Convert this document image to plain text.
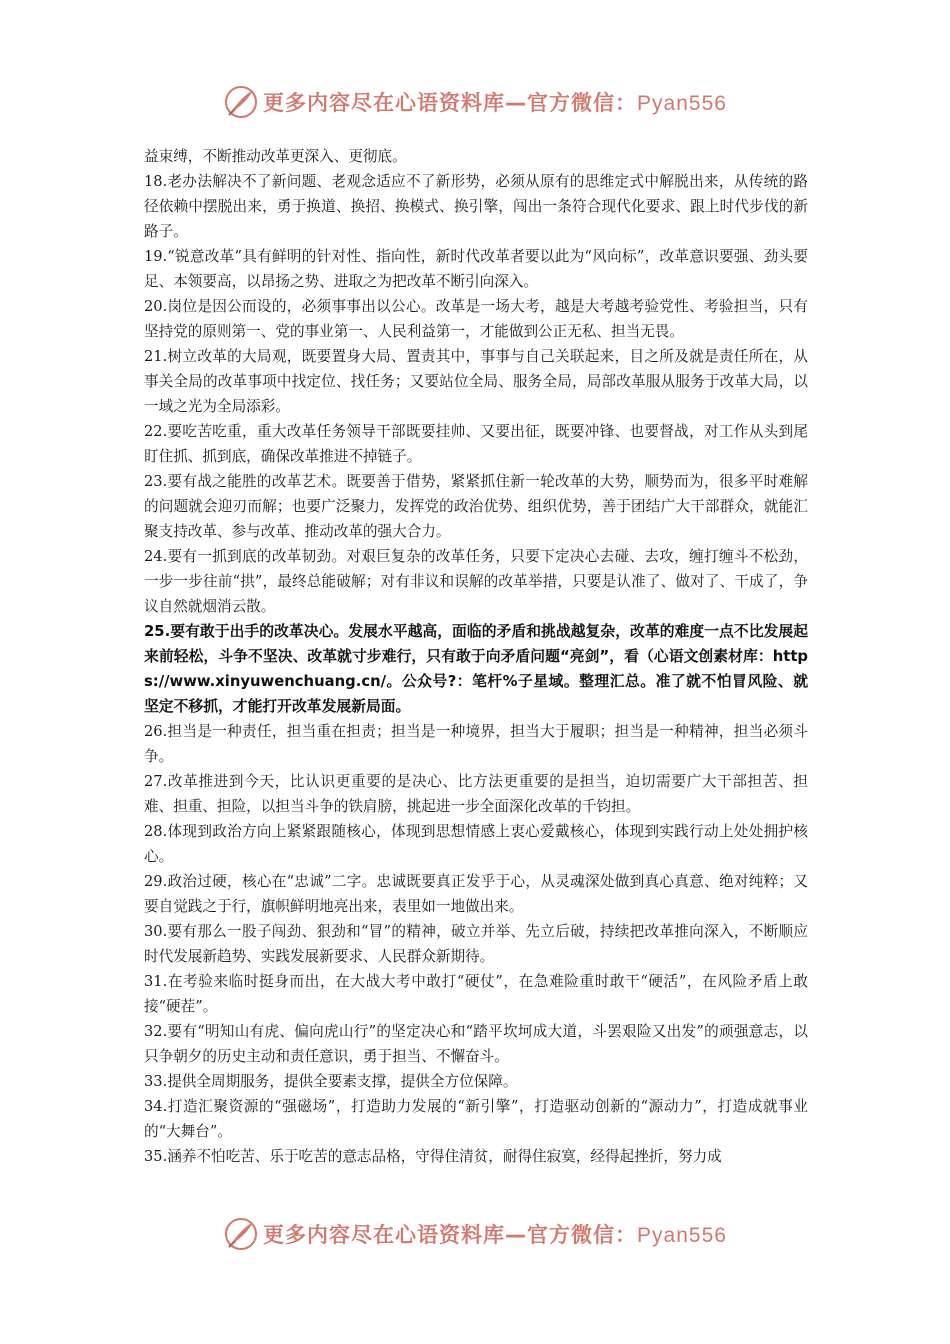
更多内容尽在心语资料库—官方微信：Pyan556

益束缚，不断推动改革更深入、更彻底。

18.老办法解决不了新问题、老观念适应不了新形势，必须从原有的思维定式中解脱出来，从传统的路径依赖中摆脱出来，勇于换道、换招、换模式、换引擎，闯出一条符合现代化要求、跟上时代步伐的新路子。

19.“锐意改革”具有鲜明的针对性、指向性，新时代改革者要以此为“风向标”，改革意识要强、劲头要足、本领要高，以昂扬之势、进取之为把改革不断引向深入。

20.岗位是因公而设的，必须事事出以公心。改革是一场大考，越是大考越考验党性、考验担当，只有坚持党的原则第一、党的事业第一、人民利益第一，才能做到公正无私、担当无畏。

21.树立改革的大局观，既要置身大局、置责其中，事事与自己关联起来，目之所及就是责任所在，从事关全局的改革事项中找定位、找任务；又要站位全局、服务全局，局部改革服从服务于改革大局，以一域之光为全局添彩。

22.要吃苦吃重，重大改革任务领导干部既要挂帅、又要出征，既要冲锋、也要督战，对工作从头到尾盯住抓、抓到底，确保改革推进不掉链子。

23.要有战之能胜的改革艺术。既要善于借势，紧紧抓住新一轮改革的大势，顺势而为，很多平时难解的问题就会迎刃而解；也要广泛聚力，发挥党的政治优势、组织优势，善于团结广大干部群众，就能汇聚支持改革、参与改革、推动改革的强大合力。

24.要有一抓到底的改革韧劲。对艰巨复杂的改革任务，只要下定决心去碰、去攻，缠打缠斗不松劲，一步一步往前“拱”，最终总能破解；对有非议和误解的改革举措，只要是认准了、做对了、干成了，争议自然就烟消云散。

25.要有敢于出手的改革决心。发展水平越高，面临的矛盾和挑战越复杂，改革的难度一点不比发展起来前轻松，斗争不坚决、改革就寸步难行，只有敢于向矛盾问题“亮剑”，看（心语文创素材库：https://www.xinyuwenchuang.cn/。公众号?：笔杆%子星域。整理汇总。准了就不怕冒风险、就坚定不移抓，才能打开改革发展新局面。

26.担当是一种责任，担当重在担责；担当是一种境界，担当大于履职；担当是一种精神，担当必须斗争。

27.改革推进到今天，比认识更重要的是决心、比方法更重要的是担当，迫切需要广大干部担苦、担难、担重、担险，以担当斗争的铁肩膀，挑起进一步全面深化改革的千钧担。

28.体现到政治方向上紧紧跟随核心，体现到思想情感上衷心爱戴核心，体现到实践行动上处处拥护核心。

29.政治过硬，核心在“忠诚”二字。忠诚既要真正发乎于心，从灵魂深处做到真心真意、绝对纯粹；又要自觉践之于行，旗帜鲜明地亮出来，表里如一地做出来。

30.要有那么一股子闯劲、狠劲和“冒”的精神，破立并举、先立后破，持续把改革推向深入，不断顺应时代发展新趋势、实践发展新要求、人民群众新期待。

31.在考验来临时挺身而出，在大战大考中敢打“硬仗”，在急难险重时敢干“硬活”，在风险矛盾上敢接“硬茬”。

32.要有“明知山有虎、偏向虎山行”的坚定决心和“踏平坎坷成大道，斗罢艰险又出发”的顽强意志，以只争朝夕的历史主动和责任意识，勇于担当、不懈奋斗。

33.提供全周期服务，提供全要素支撑，提供全方位保障。

34.打造汇聚资源的“强磁场”，打造助力发展的“新引擎”，打造驱动创新的“源动力”，打造成就事业的“大舞台”。

35.涵养不怕吃苦、乐于吃苦的意志品格，守得住清贫，耐得住寂寞，经得起挫折，努力成

更多内容尽在心语资料库—官方微信：Pyan556
